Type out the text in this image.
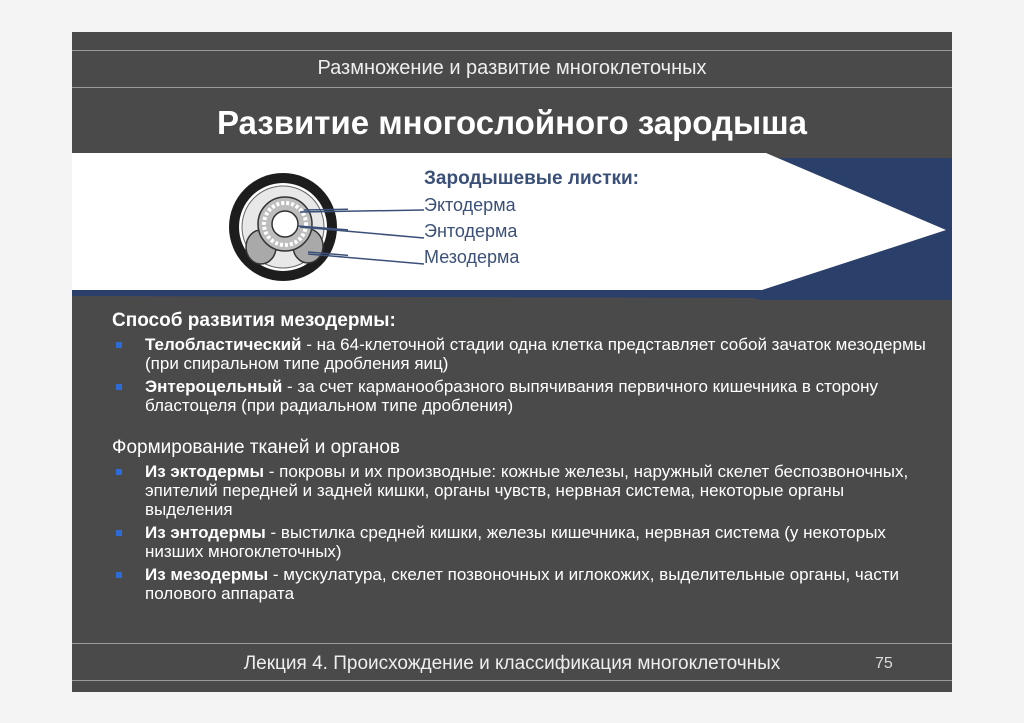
Размножение и развитие многоклеточных
Развитие многослойного зародыша
Зародышевые листки:
Эктодерма
Энтодерма
Мезодерма
Способ развития мезодермы:
Телобластический - на 64-клеточной стадии одна клетка представляет собой зачаток мезодермы (при спиральном типе дробления яиц)
Энтероцельный - за счет карманообразного выпячивания первичного кишечника в сторону бластоцеля (при радиальном типе дробления)
Формирование тканей и органов
Из эктодермы - покровы и их производные: кожные железы, наружный скелет беспозвоночных, эпителий передней и задней кишки, органы чувств, нервная система, некоторые органы выделения
Из энтодермы - выстилка средней кишки, железы кишечника, нервная система (у некоторых низших многоклеточных)
Из мезодермы - мускулатура, скелет позвоночных и иглокожих, выделительные органы, части полового аппарата
Лекция 4. Происхождение и классификация многоклеточных	75
